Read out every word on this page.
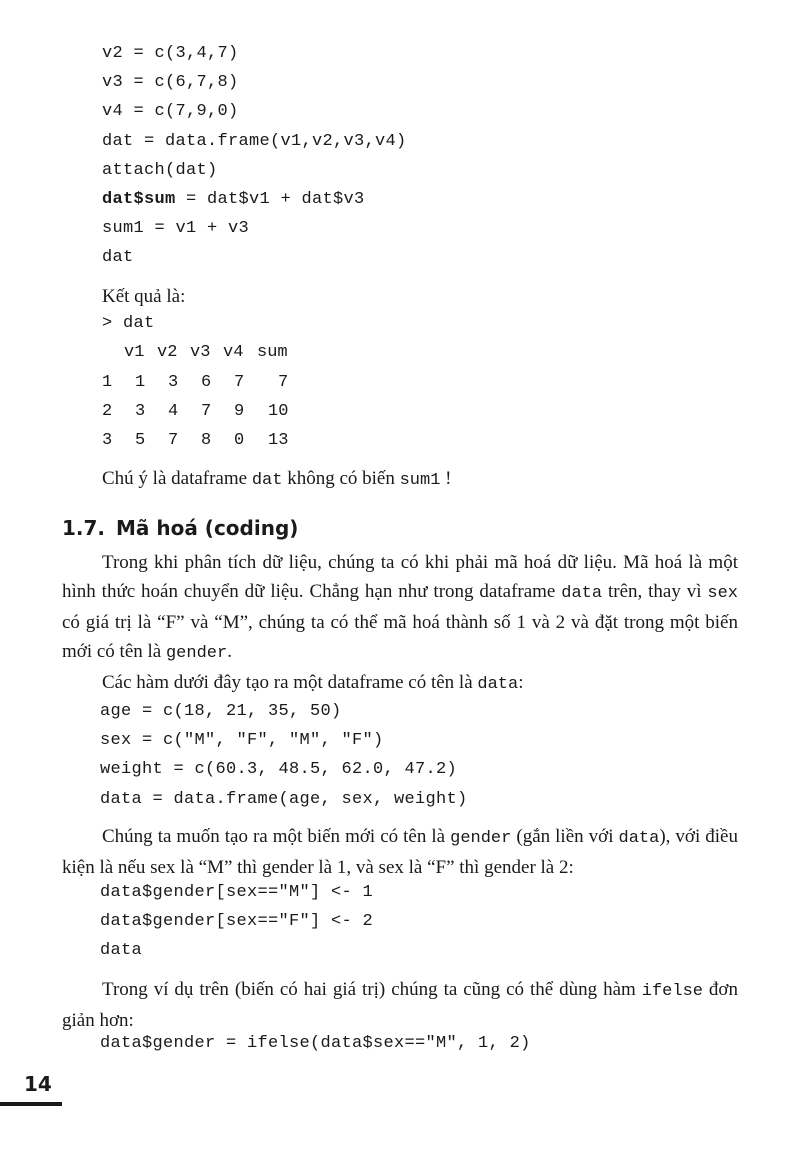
v2 = c(3,4,7)
v3 = c(6,7,8)
v4 = c(7,9,0)
dat = data.frame(v1,v2,v3,v4)
attach(dat)
dat$sum = dat$v1 + dat$v3
sum1 = v1 + v3
dat
Kết quả là:
> dat
v1 v2 v3 v4 sum
1 1 3 6 7 7
2 3 4 7 9 10
3 5 7 8 0 13
Chú ý là dataframe dat không có biến sum1 !
1.7. Mã hoá (coding)
Trong khi phân tích dữ liệu, chúng ta có khi phải mã hoá dữ liệu. Mã hoá là một hình thức hoán chuyển dữ liệu. Chẳng hạn như trong dataframe data trên, thay vì sex có giá trị là “F” và “M”, chúng ta có thể mã hoá thành số 1 và 2 và đặt trong một biến mới có tên là gender.
Các hàm dưới đây tạo ra một dataframe có tên là data:
age = c(18, 21, 35, 50)
sex = c("M", "F", "M", "F")
weight = c(60.3, 48.5, 62.0, 47.2)
data = data.frame(age, sex, weight)
Chúng ta muốn tạo ra một biến mới có tên là gender (gắn liền với data), với điều kiện là nếu sex là “M” thì gender là 1, và sex là “F” thì gender là 2:
data$gender[sex=="M"] <- 1
data$gender[sex=="F"] <- 2
data
Trong ví dụ trên (biến có hai giá trị) chúng ta cũng có thể dùng hàm ifelse đơn giản hơn:
data$gender = ifelse(data$sex=="M", 1, 2)
14
